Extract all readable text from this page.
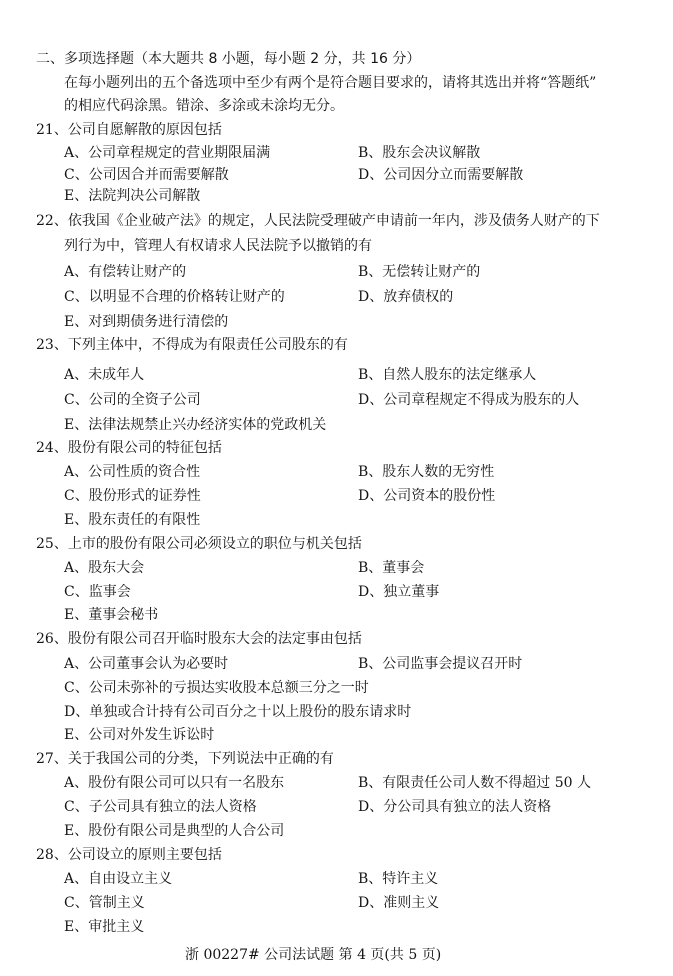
二、多项选择题（本大题共 8 小题，每小题 2 分，共 16 分）
在每小题列出的五个备选项中至少有两个是符合题目要求的，请将其选出并将“答题纸”
的相应代码涂黑。错涂、多涂或未涂均无分。
21、公司自愿解散的原因包括
A、公司章程规定的营业期限届满	B、股东会决议解散
C、公司因合并而需要解散	D、公司因分立而需要解散
E、法院判决公司解散
22、依我国《企业破产法》的规定，人民法院受理破产申请前一年内，涉及债务人财产的下
列行为中，管理人有权请求人民法院予以撤销的有
A、有偿转让财产的	B、无偿转让财产的
C、以明显不合理的价格转让财产的	D、放弃债权的
E、对到期债务进行清偿的
23、下列主体中，不得成为有限责任公司股东的有
A、未成年人	B、自然人股东的法定继承人
C、公司的全资子公司	D、公司章程规定不得成为股东的人
E、法律法规禁止兴办经济实体的党政机关
24、股份有限公司的特征包括
A、公司性质的资合性	B、股东人数的无穷性
C、股份形式的证券性	D、公司资本的股份性
E、股东责任的有限性
25、上市的股份有限公司必须设立的职位与机关包括
A、股东大会	B、董事会
C、监事会	D、独立董事
E、董事会秘书
26、股份有限公司召开临时股东大会的法定事由包括
A、公司董事会认为必要时	B、公司监事会提议召开时
C、公司未弥补的亏损达实收股本总额三分之一时
D、单独或合计持有公司百分之十以上股份的股东请求时
E、公司对外发生诉讼时
27、关于我国公司的分类，下列说法中正确的有
A、股份有限公司可以只有一名股东	B、有限责任公司人数不得超过 50 人
C、子公司具有独立的法人资格	D、分公司具有独立的法人资格
E、股份有限公司是典型的人合公司
28、公司设立的原则主要包括
A、自由设立主义	B、特许主义
C、管制主义	D、准则主义
E、审批主义
浙 00227# 公司法试题 第 4 页(共 5 页)
